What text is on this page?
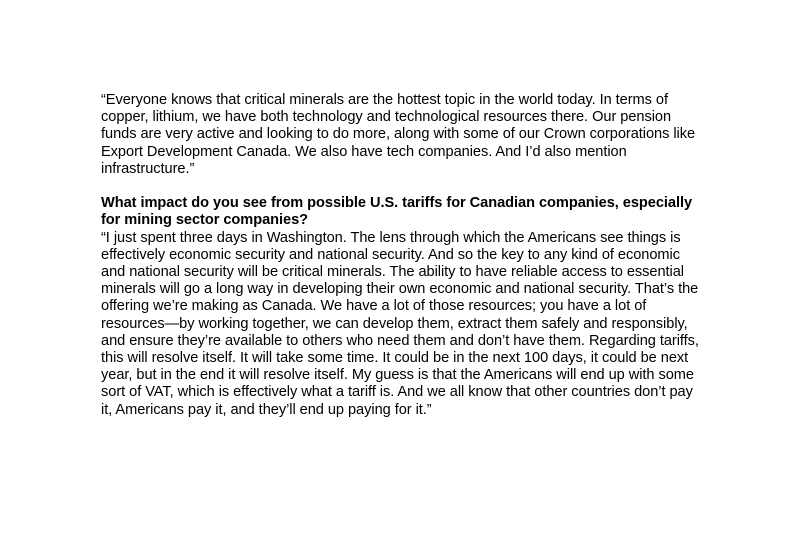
“Everyone knows that critical minerals are the hottest topic in the world today. In terms of copper, lithium, we have both technology and technological resources there. Our pension funds are very active and looking to do more, along with some of our Crown corporations like Export Development Canada. We also have tech companies. And I’d also mention infrastructure.”

What impact do you see from possible U.S. tariffs for Canadian companies, especially for mining sector companies?

“I just spent three days in Washington. The lens through which the Americans see things is effectively economic security and national security. And so the key to any kind of economic and national security will be critical minerals. The ability to have reliable access to essential minerals will go a long way in developing their own economic and national security. That’s the offering we’re making as Canada. We have a lot of those resources; you have a lot of resources—by working together, we can develop them, extract them safely and responsibly, and ensure they’re available to others who need them and don’t have them. Regarding tariffs, this will resolve itself. It will take some time. It could be in the next 100 days, it could be next year, but in the end it will resolve itself. My guess is that the Americans will end up with some sort of VAT, which is effectively what a tariff is. And we all know that other countries don’t pay it, Americans pay it, and they’ll end up paying for it.”
